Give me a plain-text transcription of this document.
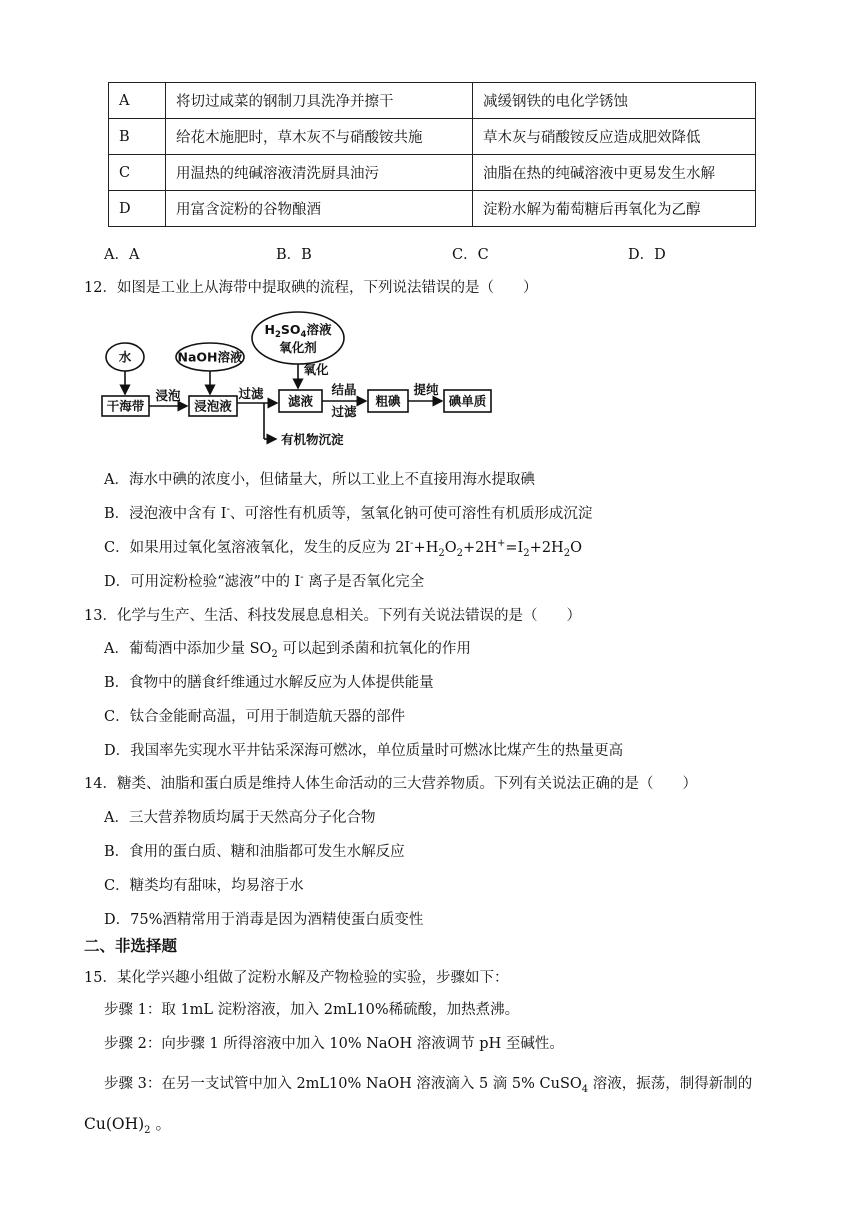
A	将切过咸菜的钢制刀具洗净并擦干	减缓钢铁的电化学锈蚀
B	给花木施肥时，草木灰不与硝酸铵共施	草木灰与硝酸铵反应造成肥效降低
C	用温热的纯碱溶液清洗厨具油污	油脂在热的纯碱溶液中更易发生水解
D	用富含淀粉的谷物酿酒	淀粉水解为葡萄糖后再氧化为乙醇
A．A	B．B	C．C	D．D
12．如图是工业上从海带中提取碘的流程，下列说法错误的是（　　）
水	NaOH溶液
$H_2SO_4$溶液
氧化剂
干海带	浸泡液	滤液	粗碘	碘单质
浸泡	过滤
氧化
结晶
过滤
提纯
有机物沉淀
A．海水中碘的浓度小，但储量大，所以工业上不直接用海水提取碘
B．浸泡液中含有 I-、可溶性有机质等，氢氧化钠可使可溶性有机质形成沉淀
C．如果用过氧化氢溶液氧化，发生的反应为 $2I^-+H_2O_2+2H^+=I_2+2H_2O$
D．可用淀粉检验“滤液”中的 I- 离子是否氧化完全
13．化学与生产、生活、科技发展息息相关。下列有关说法错误的是（　　）
A．葡萄酒中添加少量 $SO_2$ 可以起到杀菌和抗氧化的作用
B．食物中的膳食纤维通过水解反应为人体提供能量
C．钛合金能耐高温，可用于制造航天器的部件
D．我国率先实现水平井钻采深海可燃冰，单位质量时可燃冰比煤产生的热量更高
14．糖类、油脂和蛋白质是维持人体生命活动的三大营养物质。下列有关说法正确的是（　　）
A．三大营养物质均属于天然高分子化合物
B．食用的蛋白质、糖和油脂都可发生水解反应
C．糖类均有甜味，均易溶于水
D．75%酒精常用于消毒是因为酒精使蛋白质变性
二、非选择题
15．某化学兴趣小组做了淀粉水解及产物检验的实验，步骤如下：
步骤 1：取 1mL 淀粉溶液，加入 2mL10%稀硫酸，加热煮沸。
步骤 2：向步骤 1 所得溶液中加入 10% NaOH 溶液调节 pH 至碱性。
步骤 3：在另一支试管中加入 2mL10% NaOH 溶液滴入 5 滴 5% CuSO$_4$ 溶液，振荡，制得新制的
$Cu(OH)_2$ 。
